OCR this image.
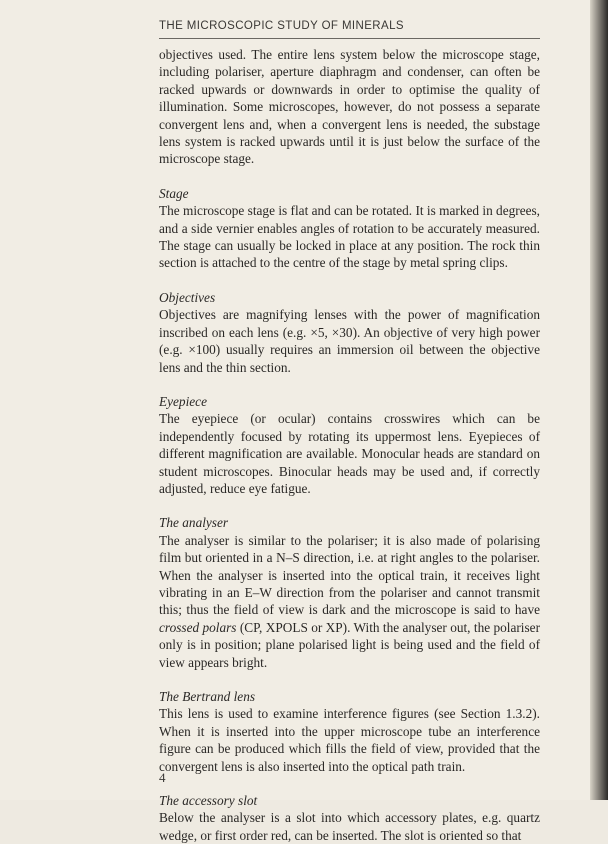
THE MICROSCOPIC STUDY OF MINERALS

objectives used. The entire lens system below the microscope stage, including polariser, aperture diaphragm and condenser, can often be racked upwards or downwards in order to optimise the quality of illumination. Some microscopes, however, do not possess a separate convergent lens and, when a convergent lens is needed, the substage lens system is racked upwards until it is just below the surface of the microscope stage.

Stage

The microscope stage is flat and can be rotated. It is marked in degrees, and a side vernier enables angles of rotation to be accurately measured. The stage can usually be locked in place at any position. The rock thin section is attached to the centre of the stage by metal spring clips.

Objectives

Objectives are magnifying lenses with the power of magnification inscribed on each lens (e.g. ×5, ×30). An objective of very high power (e.g. ×100) usually requires an immersion oil between the objective lens and the thin section.

Eyepiece

The eyepiece (or ocular) contains crosswires which can be independently focused by rotating its uppermost lens. Eyepieces of different magnification are available. Monocular heads are standard on student microscopes. Binocular heads may be used and, if correctly adjusted, reduce eye fatigue.

The analyser

The analyser is similar to the polariser; it is also made of polarising film but oriented in a N–S direction, i.e. at right angles to the polariser. When the analyser is inserted into the optical train, it receives light vibrating in an E–W direction from the polariser and cannot transmit this; thus the field of view is dark and the microscope is said to have crossed polars (CP, XPOLS or XP). With the analyser out, the polariser only is in position; plane polarised light is being used and the field of view appears bright.

The Bertrand lens

This lens is used to examine interference figures (see Section 1.3.2). When it is inserted into the upper microscope tube an interference figure can be produced which fills the field of view, provided that the convergent lens is also inserted into the optical path train.

The accessory slot

Below the analyser is a slot into which accessory plates, e.g. quartz wedge, or first order red, can be inserted. The slot is oriented so that

4
